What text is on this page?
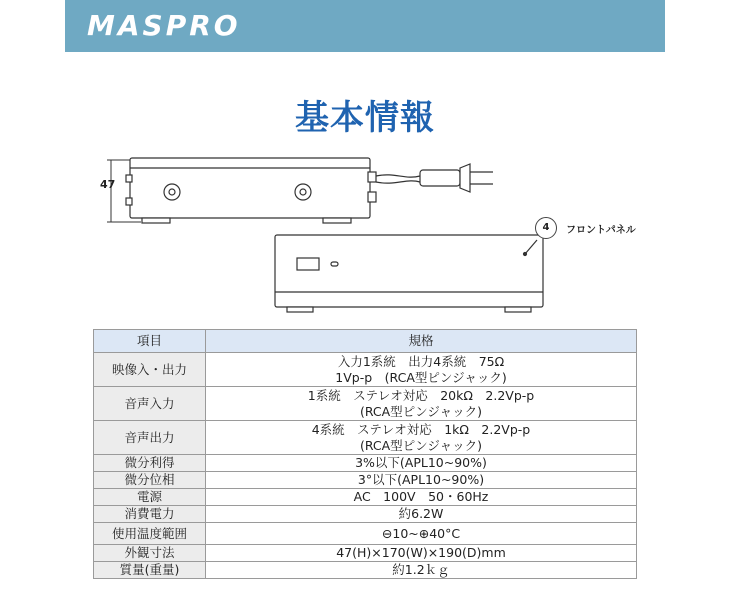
MASPRO
基本情報
47
4	フロントパネル
項目	規格
映像入・出力	入力1系統　出力4系統　75Ω
1Vp-p　(RCA型ピンジャック)

音声入力	1系統　ステレオ対応　20kΩ　2.2Vp-p
(RCA型ピンジャック)

音声出力	4系統　ステレオ対応　1kΩ　2.2Vp-p
(RCA型ピンジャック)

微分利得	3%以下(APL10~90%)
微分位相	3°以下(APL10~90%)
電源	AC　100V　50・60Hz
消費電力	約6.2W
使用温度範囲	⊖10~⊕40°C
外観寸法	47(H)×170(W)×190(D)mm
質量(重量)	約1.2ｋｇ
